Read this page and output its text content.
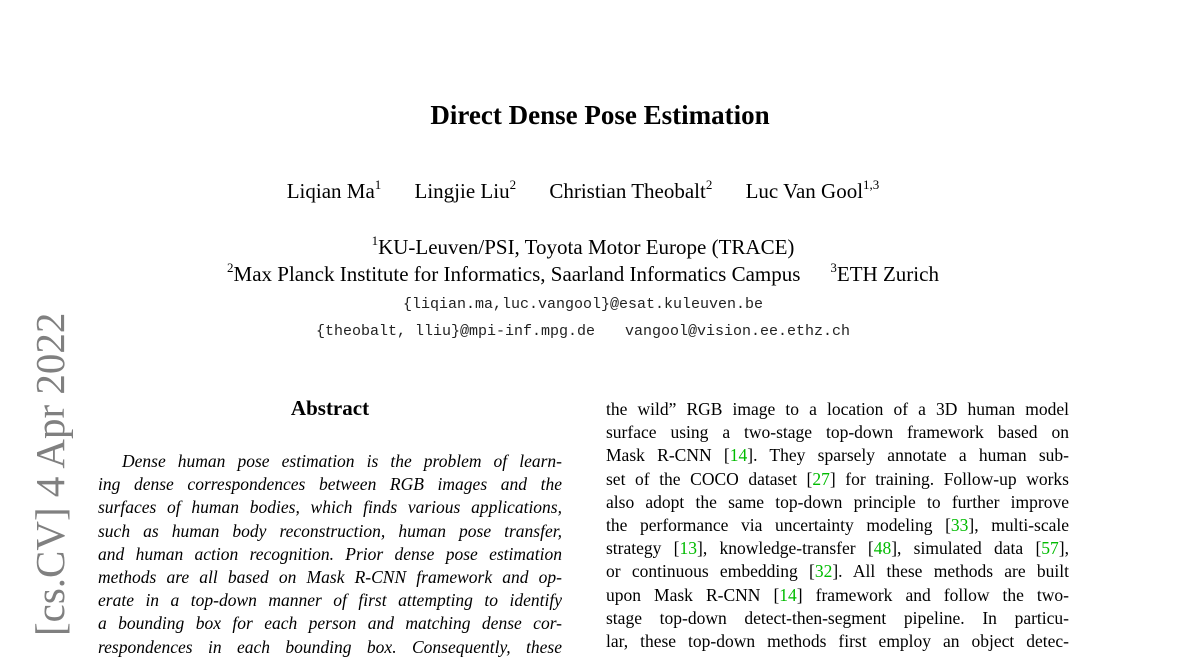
Direct Dense Pose Estimation
Liqian Ma$^1$ Lingjie Liu$^2$ Christian Theobalt$^2$ Luc Van Gool$^{1,3}$
$^1$KU-Leuven/PSI, Toyota Motor Europe (TRACE)
$^2$Max Planck Institute for Informatics, Saarland Informatics Campus $^3$ETH Zurich
{liqian.ma,luc.vangool}@esat.kuleuven.be
{theobalt, lliu}@mpi-inf.mpg.de vangool@vision.ee.ethz.ch
[cs.CV] 4 Apr 2022	Abstract
Dense human pose estimation is the problem of learn-
ing dense correspondences between RGB images and the
surfaces of human bodies, which finds various applications,
such as human body reconstruction, human pose transfer,
and human action recognition. Prior dense pose estimation
methods are all based on Mask R-CNN framework and op-
erate in a top-down manner of first attempting to identify
a bounding box for each person and matching dense cor-
respondences in each bounding box. Consequently, these
the wild” RGB image to a location of a 3D human model
surface using a two-stage top-down framework based on
Mask R-CNN [14]. They sparsely annotate a human sub-
set of the COCO dataset [27] for training. Follow-up works
also adopt the same top-down principle to further improve
the performance via uncertainty modeling [33], multi-scale
strategy [13], knowledge-transfer [48], simulated data [57],
or continuous embedding [32]. All these methods are built
upon Mask R-CNN [14] framework and follow the two-
stage top-down detect-then-segment pipeline. In particu-
lar, these top-down methods first employ an object detec-
